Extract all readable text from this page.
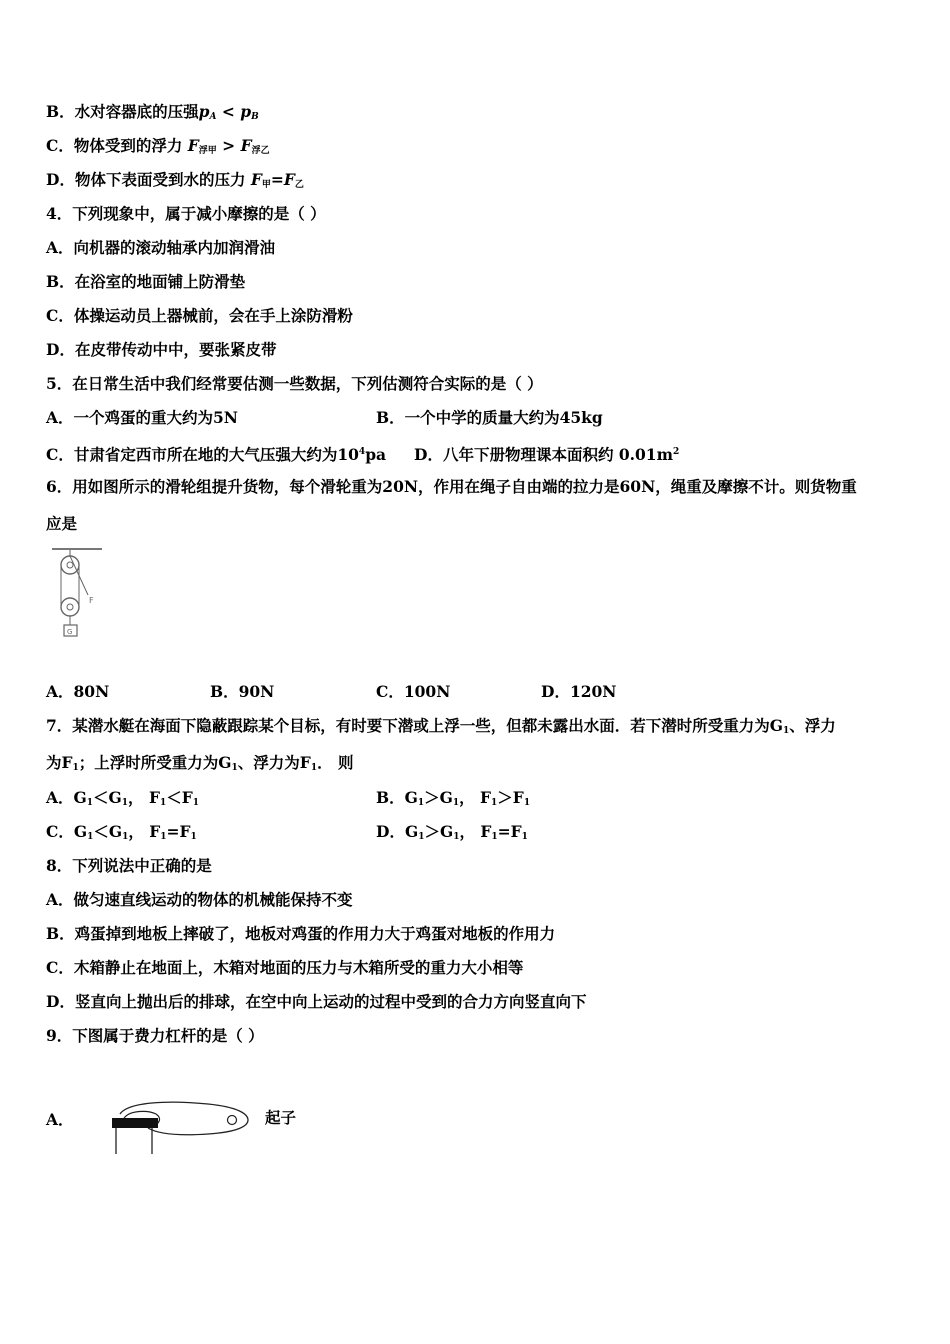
B．水对容器底的压强$p_A < p_B$
C．物体受到的浮力 $F_{浮甲} > F_{浮乙}$
D．物体下表面受到水的压力 $F_甲=F_乙$
4．下列现象中，属于减小摩擦的是（ ）
A．向机器的滚动轴承内加润滑油
B．在浴室的地面铺上防滑垫
C．体操运动员上器械前，会在手上涂防滑粉
D．在皮带传动中中，要张紧皮带
5．在日常生活中我们经常要估测一些数据，下列估测符合实际的是（ ）
A．一个鸡蛋的重大约为5N	B．一个中学的质量大约为45kg
C．甘肃省定西市所在地的大气压强大约为$10^4pa$ D．八年下册物理课本面积约 $0.01m^2$
6．用如图所示的滑轮组提升货物，每个滑轮重为20N，作用在绳子自由端的拉力是60N，绳重及摩擦不计。则货物重
应是
F
G
A．80N	B．90N	C．100N	D．120N
7．某潜水艇在海面下隐蔽跟踪某个目标，有时要下潜或上浮一些，但都未露出水面．若下潜时所受重力为$G_1$、浮力
为$F_1$；上浮时所受重力为$G_1$、浮力为$F_1$． 则
A．$G_1<G_1$， $F_1<F_1$	B．$G_1>G_1$， $F_1>F_1$
C．$G_1<G_1$， $F_1=F_1$	D．$G_1>G_1$， $F_1=F_1$
8．下列说法中正确的是
A．做匀速直线运动的物体的机械能保持不变
B．鸡蛋掉到地板上摔破了，地板对鸡蛋的作用力大于鸡蛋对地板的作用力
C．木箱静止在地面上，木箱对地面的压力与木箱所受的重力大小相等
D．竖直向上抛出后的排球，在空中向上运动的过程中受到的合力方向竖直向下
9．下图属于费力杠杆的是（ ）
A．	起子
